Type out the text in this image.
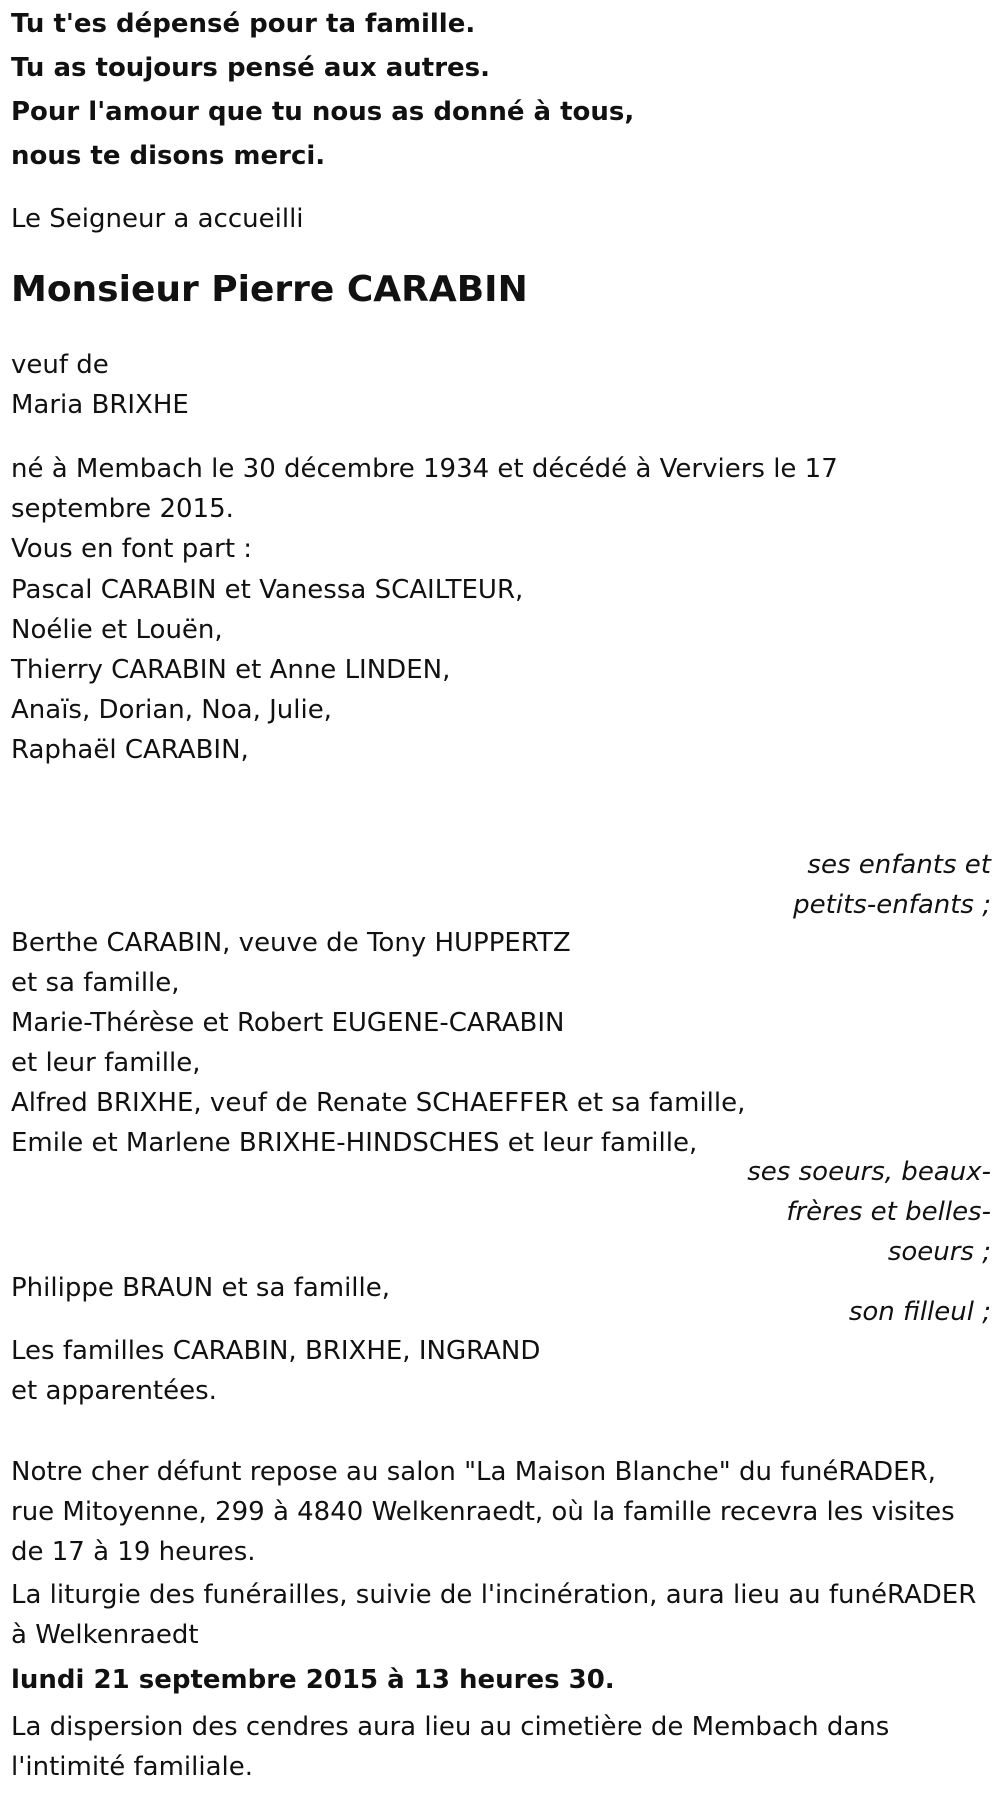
Tu t'es dépensé pour ta famille.

Tu as toujours pensé aux autres.

Pour l'amour que tu nous as donné à tous,

nous te disons merci.

Le Seigneur a accueilli

Monsieur Pierre CARABIN

veuf de

Maria BRIXHE

né à Membach le 30 décembre 1934 et décédé à Verviers le 17

septembre 2015.

Vous en font part :

Pascal CARABIN et Vanessa SCAILTEUR,

Noélie et Louën,

Thierry CARABIN et Anne LINDEN,

Anaïs, Dorian, Noa, Julie,

Raphaël CARABIN,

ses enfants et

petits-enfants ;

Berthe CARABIN, veuve de Tony HUPPERTZ

et sa famille,

Marie-Thérèse et Robert EUGENE-CARABIN

et leur famille,

Alfred BRIXHE, veuf de Renate SCHAEFFER et sa famille,

Emile et Marlene BRIXHE-HINDSCHES et leur famille,

ses soeurs, beaux-

frères et belles-

soeurs ;

Philippe BRAUN et sa famille,

son filleul ;

Les familles CARABIN, BRIXHE, INGRAND

et apparentées.

Notre cher défunt repose au salon "La Maison Blanche" du funéRADER,

rue Mitoyenne, 299 à 4840 Welkenraedt, où la famille recevra les visites

de 17 à 19 heures.

La liturgie des funérailles, suivie de l'incinération, aura lieu au funéRADER

à Welkenraedt

lundi 21 septembre 2015 à 13 heures 30.

La dispersion des cendres aura lieu au cimetière de Membach dans

l'intimité familiale.
